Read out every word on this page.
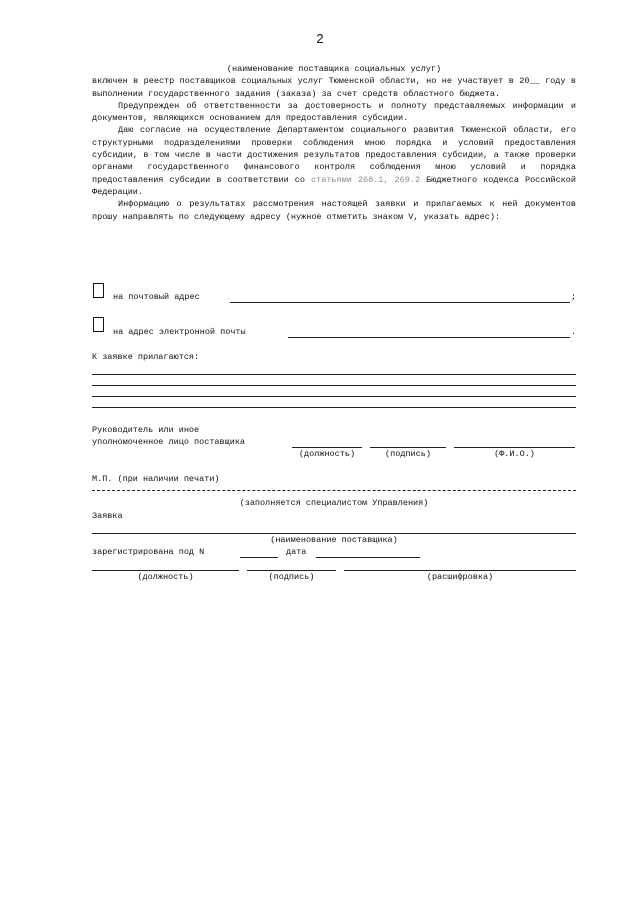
2

(наименование поставщика социальных услуг)

включен в реестр поставщиков социальных услуг Тюменской области, но не участвует в 20__ году в выполнении государственного задания (заказа) за счет средств областного бюджета.

Предупрежден об ответственности за достоверность и полноту представляемых информации и документов, являющихся основанием для предоставления субсидии.

Даю согласие на осуществление Департаментом социального развития Тюменской области, его структурными подразделениями проверки соблюдения мною порядка и условий предоставления субсидии, в том числе в части достижения результатов предоставления субсидии, а также проверки органами государственного финансового контроля соблюдения мною условий и порядка предоставления субсидии в соответствии со статьями 268.1, 269.2 Бюджетного кодекса Российской Федерации.

Информацию о результатах рассмотрения настоящей заявки и прилагаемых к ней документов прошу направлять по следующему адресу (нужное отметить знаком V, указать адрес):

на почтовый адрес	;
на адрес электронной почты	.
К заявке прилагаются:
Руководитель или иное
уполномоченное лицо поставщика
(должность)	(подпись)	(Ф.И.О.)
М.П. (при наличии печати)
(заполняется специалистом Управления)
Заявка
(наименование поставщика)
зарегистрирована под N	дата
(должность)	(подпись)	(расшифровка)
